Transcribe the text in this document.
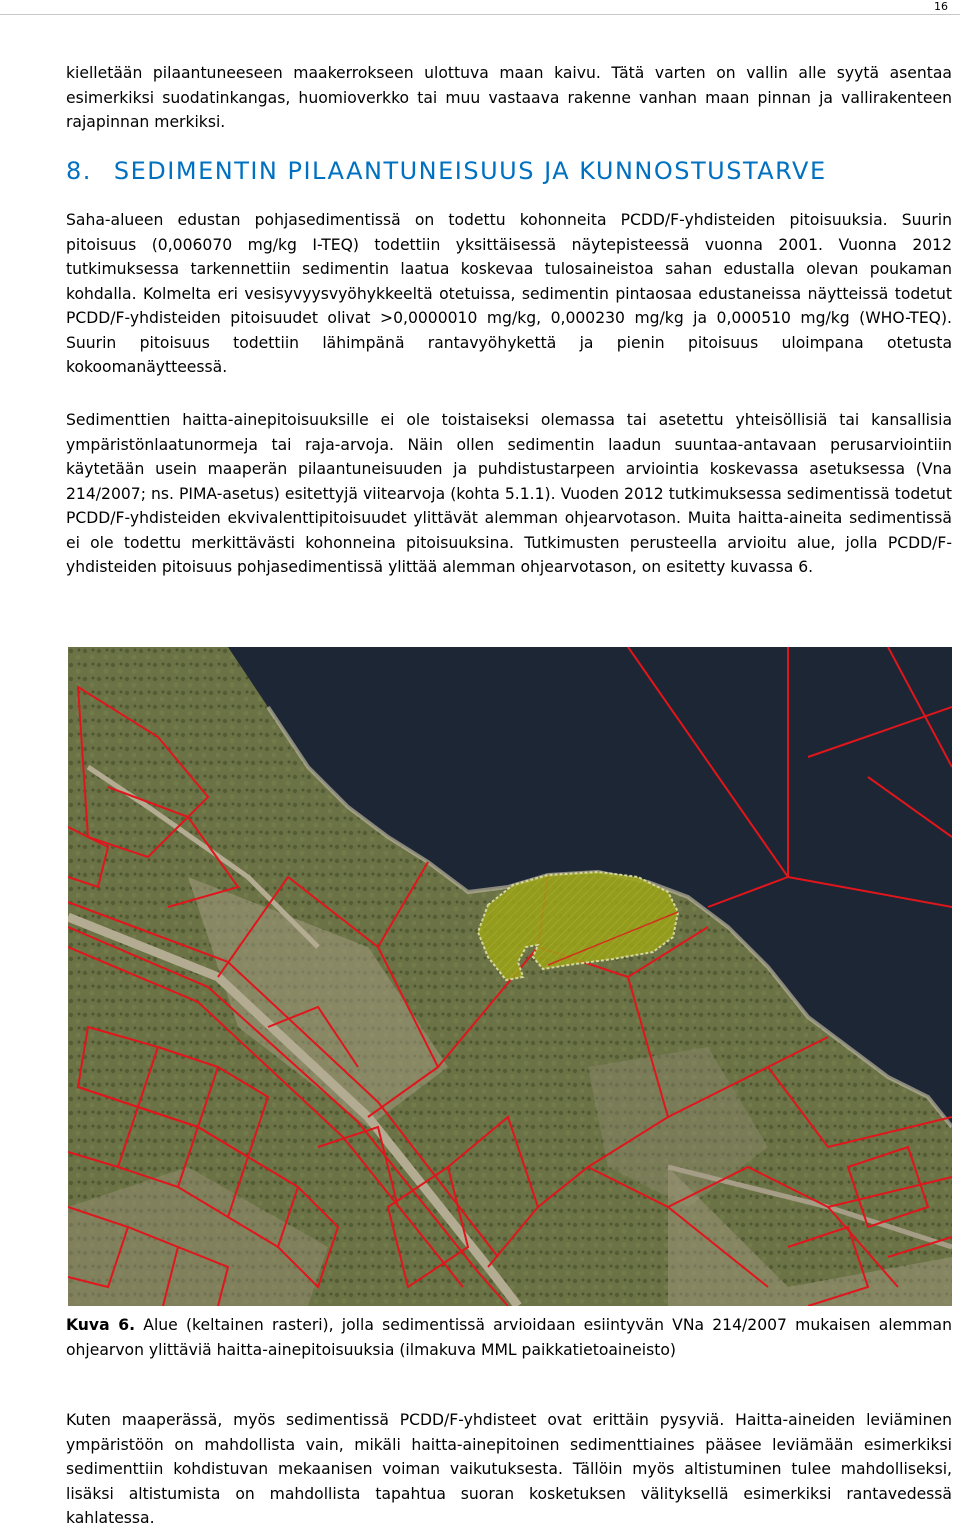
16

kielletään pilaantuneeseen maakerrokseen ulottuva maan kaivu. Tätä varten on vallin alle syytä asentaa esimerkiksi suodatinkangas, huomioverkko tai muu vastaava rakenne vanhan maan pinnan ja vallirakenteen rajapinnan merkiksi.

8. SEDIMENTIN PILAANTUNEISUUS JA KUNNOSTUSTARVE

Saha-alueen edustan pohjasedimentissä on todettu kohonneita PCDD/F-yhdisteiden pitoisuuksia. Suurin pitoisuus (0,006070 mg/kg I-TEQ) todettiin yksittäisessä näytepisteessä vuonna 2001. Vuonna 2012 tutkimuksessa tarkennettiin sedimentin laatua koskevaa tulosaineistoa sahan edustalla olevan poukaman kohdalla. Kolmelta eri vesisyvyysvyöhykkeeltä otetuissa, sedimentin pintaosaa edustaneissa näytteissä todetut PCDD/F-yhdisteiden pitoisuudet olivat >0,0000010 mg/kg, 0,000230 mg/kg ja 0,000510 mg/kg (WHO-TEQ). Suurin pitoisuus todettiin lähimpänä rantavyöhykettä ja pienin pitoisuus uloimpana otetusta kokoomanäytteessä.

Sedimenttien haitta-ainepitoisuuksille ei ole toistaiseksi olemassa tai asetettu yhteisöllisiä tai kansallisia ympäristönlaatunormeja tai raja-arvoja. Näin ollen sedimentin laadun suuntaa-antavaan perusarviointiin käytetään usein maaperän pilaantuneisuuden ja puhdistustarpeen arviointia koskevassa asetuksessa (Vna 214/2007; ns. PIMA-asetus) esitettyjä viitearvoja (kohta 5.1.1). Vuoden 2012 tutkimuksessa sedimentissä todetut PCDD/F-yhdisteiden ekvivalenttipitoisuudet ylittävät alemman ohjearvotason. Muita haitta-aineita sedimentissä ei ole todettu merkittävästi kohonneina pitoisuuksina. Tutkimusten perusteella arvioitu alue, jolla PCDD/F-yhdisteiden pitoisuus pohjasedimentissä ylittää alemman ohjearvotason, on esitetty kuvassa 6.

Kuva 6. Alue (keltainen rasteri), jolla sedimentissä arvioidaan esiintyvän VNa 214/2007 mukaisen alemman ohjearvon ylittäviä haitta-ainepitoisuuksia (ilmakuva MML paikkatietoaineisto)

Kuten maaperässä, myös sedimentissä PCDD/F-yhdisteet ovat erittäin pysyviä. Haitta-aineiden leviäminen ympäristöön on mahdollista vain, mikäli haitta-ainepitoinen sedimenttiaines pääsee leviämään esimerkiksi sedimenttiin kohdistuvan mekaanisen voiman vaikutuksesta. Tällöin myös altistuminen tulee mahdolliseksi, lisäksi altistumista on mahdollista tapahtua suoran kosketuksen välityksellä esimerkiksi rantavedessä kahlatessa.
